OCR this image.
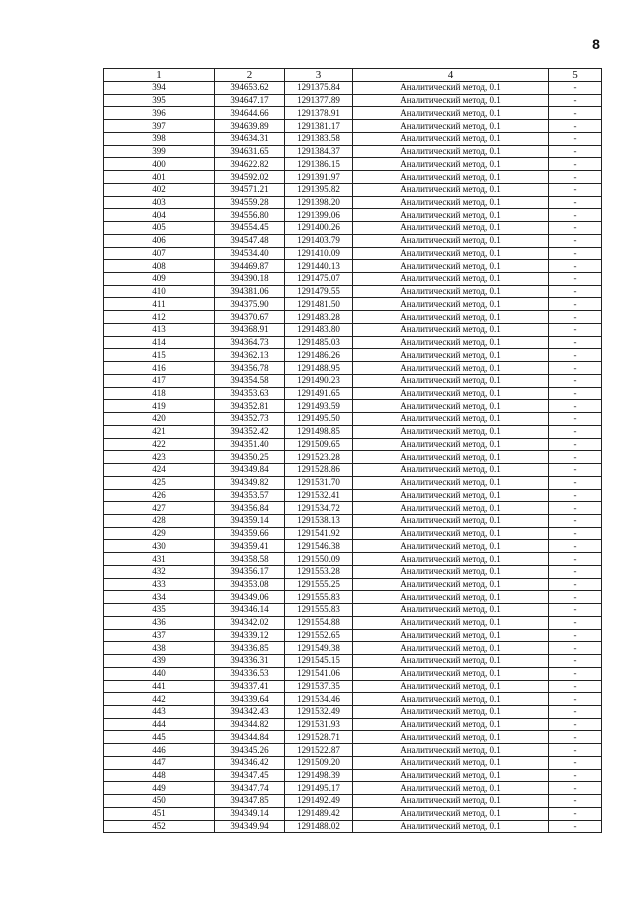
8
1	2	3	4	5
394	394653.62	1291375.84	Аналитический метод, 0.1	-
395	394647.17	1291377.89	Аналитический метод, 0.1	-
396	394644.66	1291378.91	Аналитический метод, 0.1	-
397	394639.89	1291381.17	Аналитический метод, 0.1	-
398	394634.31	1291383.58	Аналитический метод, 0.1	-
399	394631.65	1291384.37	Аналитический метод, 0.1	-
400	394622.82	1291386.15	Аналитический метод, 0.1	-
401	394592.02	1291391.97	Аналитический метод, 0.1	-
402	394571.21	1291395.82	Аналитический метод, 0.1	-
403	394559.28	1291398.20	Аналитический метод, 0.1	-
404	394556.80	1291399.06	Аналитический метод, 0.1	-
405	394554.45	1291400.26	Аналитический метод, 0.1	-
406	394547.48	1291403.79	Аналитический метод, 0.1	-
407	394534.40	1291410.09	Аналитический метод, 0.1	-
408	394469.87	1291440.13	Аналитический метод, 0.1	-
409	394390.18	1291475.07	Аналитический метод, 0.1	-
410	394381.06	1291479.55	Аналитический метод, 0.1	-
411	394375.90	1291481.50	Аналитический метод, 0.1	-
412	394370.67	1291483.28	Аналитический метод, 0.1	-
413	394368.91	1291483.80	Аналитический метод, 0.1	-
414	394364.73	1291485.03	Аналитический метод, 0.1	-
415	394362.13	1291486.26	Аналитический метод, 0.1	-
416	394356.78	1291488.95	Аналитический метод, 0.1	-
417	394354.58	1291490.23	Аналитический метод, 0.1	-
418	394353.63	1291491.65	Аналитический метод, 0.1	-
419	394352.81	1291493.59	Аналитический метод, 0.1	-
420	394352.73	1291495.50	Аналитический метод, 0.1	-
421	394352.42	1291498.85	Аналитический метод, 0.1	-
422	394351.40	1291509.65	Аналитический метод, 0.1	-
423	394350.25	1291523.28	Аналитический метод, 0.1	-
424	394349.84	1291528.86	Аналитический метод, 0.1	-
425	394349.82	1291531.70	Аналитический метод, 0.1	-
426	394353.57	1291532.41	Аналитический метод, 0.1	-
427	394356.84	1291534.72	Аналитический метод, 0.1	-
428	394359.14	1291538.13	Аналитический метод, 0.1	-
429	394359.66	1291541.92	Аналитический метод, 0.1	-
430	394359.41	1291546.38	Аналитический метод, 0.1	-
431	394358.58	1291550.09	Аналитический метод, 0.1	-
432	394356.17	1291553.28	Аналитический метод, 0.1	-
433	394353.08	1291555.25	Аналитический метод, 0.1	-
434	394349.06	1291555.83	Аналитический метод, 0.1	-
435	394346.14	1291555.83	Аналитический метод, 0.1	-
436	394342.02	1291554.88	Аналитический метод, 0.1	-
437	394339.12	1291552.65	Аналитический метод, 0.1	-
438	394336.85	1291549.38	Аналитический метод, 0.1	-
439	394336.31	1291545.15	Аналитический метод, 0.1	-
440	394336.53	1291541.06	Аналитический метод, 0.1	-
441	394337.41	1291537.35	Аналитический метод, 0.1	-
442	394339.64	1291534.46	Аналитический метод, 0.1	-
443	394342.43	1291532.49	Аналитический метод, 0.1	-
444	394344.82	1291531.93	Аналитический метод, 0.1	-
445	394344.84	1291528.71	Аналитический метод, 0.1	-
446	394345.26	1291522.87	Аналитический метод, 0.1	-
447	394346.42	1291509.20	Аналитический метод, 0.1	-
448	394347.45	1291498.39	Аналитический метод, 0.1	-
449	394347.74	1291495.17	Аналитический метод, 0.1	-
450	394347.85	1291492.49	Аналитический метод, 0.1	-
451	394349.14	1291489.42	Аналитический метод, 0.1	-
452	394349.94	1291488.02	Аналитический метод, 0.1	-
